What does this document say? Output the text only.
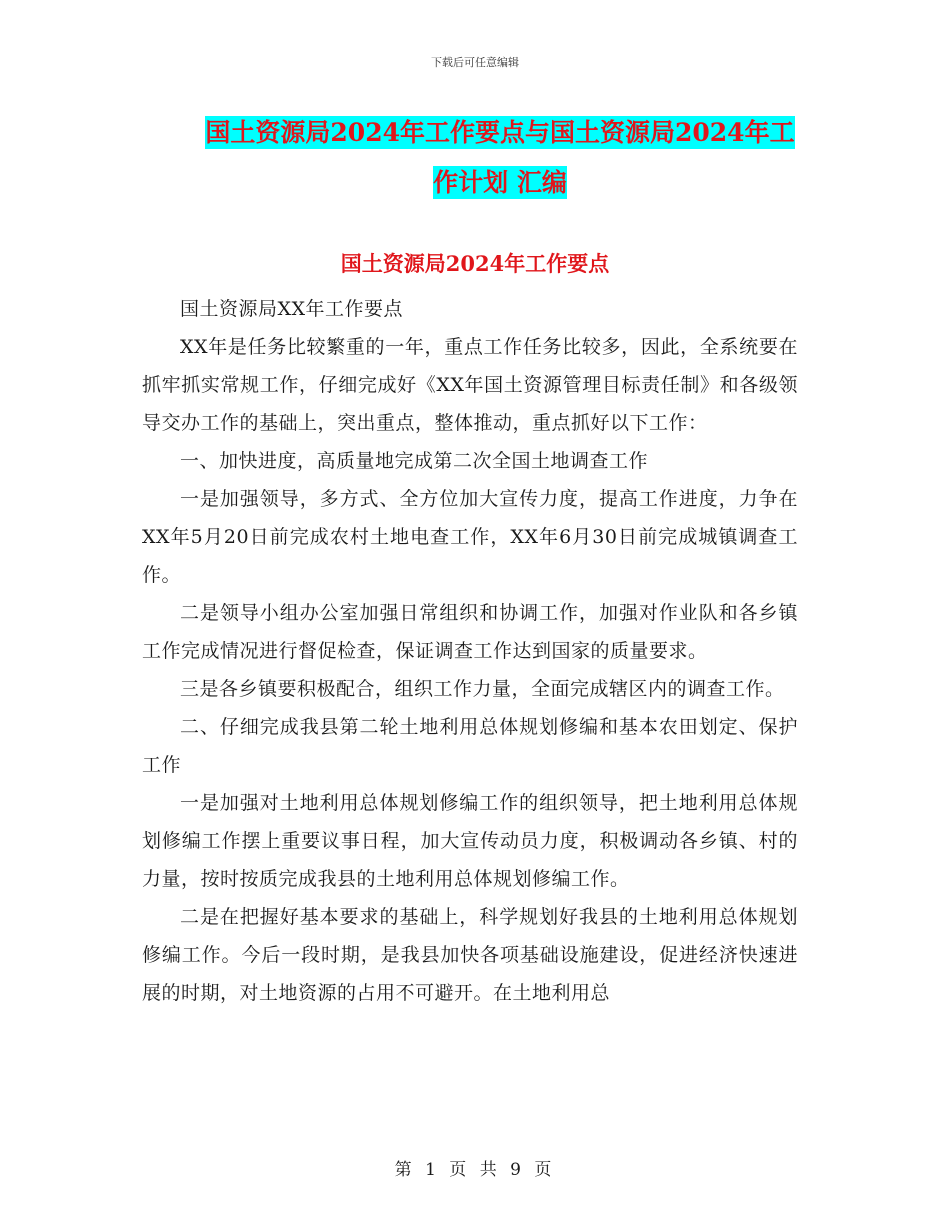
下载后可任意编辑
国土资源局2024年工作要点与国土资源局2024年工
作计划 汇编
国土资源局2024年工作要点

国土资源局XX年工作要点

XX年是任务比较繁重的一年，重点工作任务比较多，因此，全系统要在抓牢抓实常规工作，仔细完成好《XX年国土资源管理目标责任制》和各级领导交办工作的基础上，突出重点，整体推动，重点抓好以下工作：

一、加快进度，高质量地完成第二次全国土地调查工作

一是加强领导，多方式、全方位加大宣传力度，提高工作进度，力争在XX年5月20日前完成农村土地电查工作，XX年6月30日前完成城镇调查工作。

二是领导小组办公室加强日常组织和协调工作，加强对作业队和各乡镇工作完成情况进行督促检查，保证调查工作达到国家的质量要求。

三是各乡镇要积极配合，组织工作力量，全面完成辖区内的调查工作。

二、仔细完成我县第二轮土地利用总体规划修编和基本农田划定、保护工作

一是加强对土地利用总体规划修编工作的组织领导，把土地利用总体规划修编工作摆上重要议事日程，加大宣传动员力度，积极调动各乡镇、村的力量，按时按质完成我县的土地利用总体规划修编工作。

二是在把握好基本要求的基础上，科学规划好我县的土地利用总体规划修编工作。今后一段时期，是我县加快各项基础设施建设，促进经济快速进展的时期，对土地资源的占用不可避开。在土地利用总

第 1 页 共 9 页
